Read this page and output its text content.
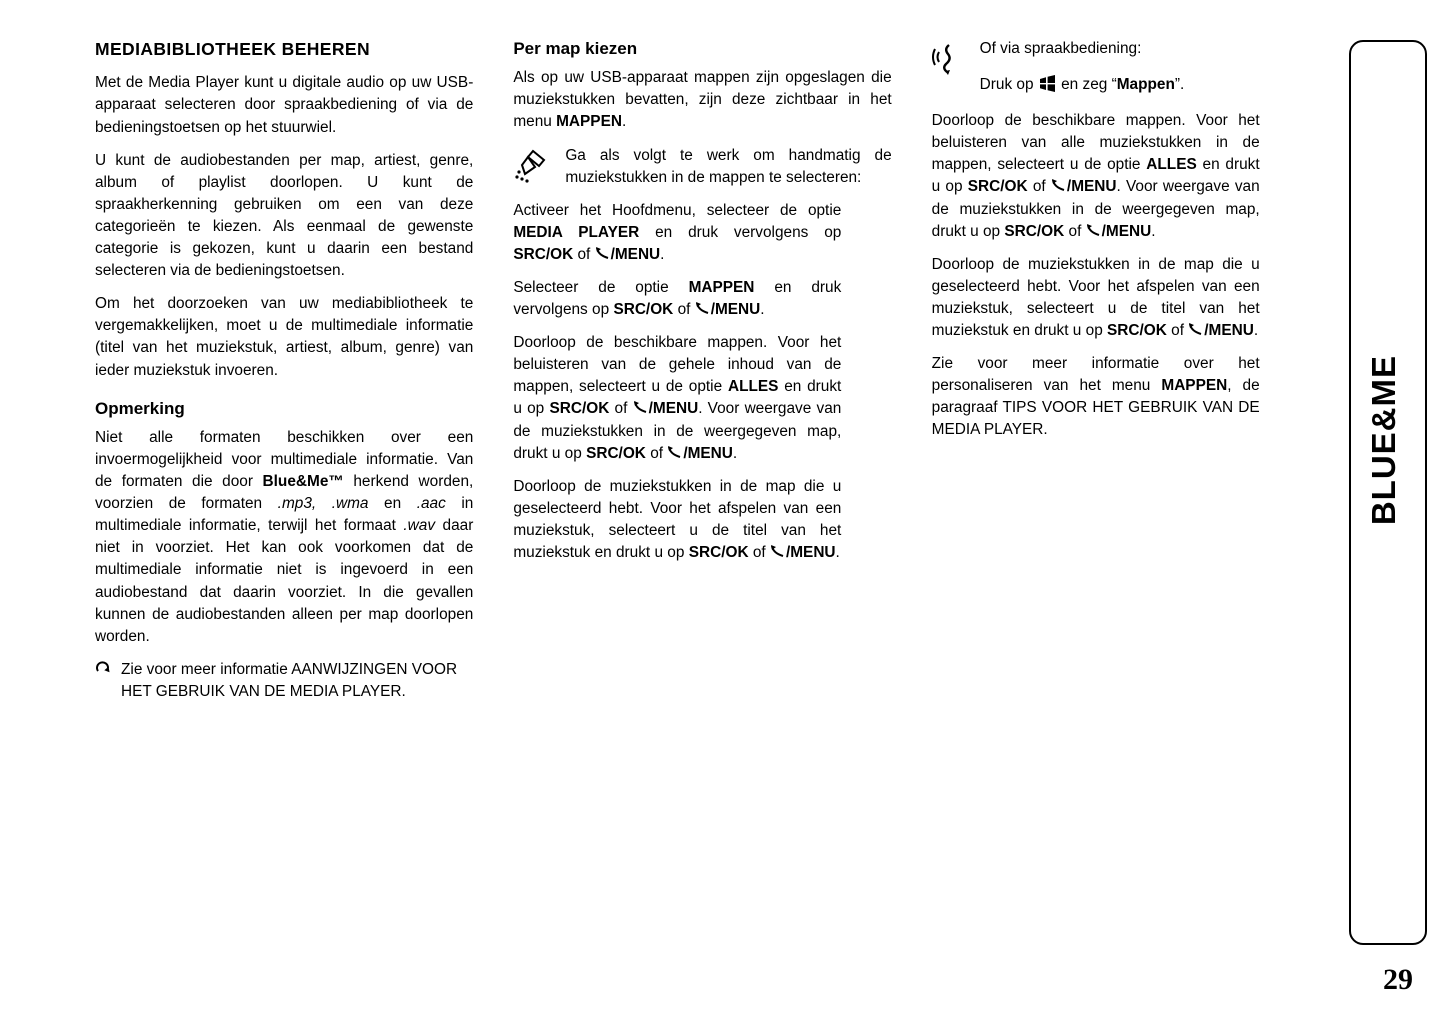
MEDIABIBLIOTHEEK BEHEREN

Met de Media Player kunt u digitale audio op uw USB-apparaat selecteren door spraakbediening of via de bedieningstoetsen op het stuurwiel.

U kunt de audiobestanden per map, artiest, genre, album of playlist doorlopen. U kunt de spraakherkenning gebruiken om een van deze categorieën te kiezen. Als eenmaal de gewenste categorie is gekozen, kunt u daarin een bestand selecteren via de bedieningstoetsen.

Om het doorzoeken van uw mediabibliotheek te vergemakkelijken, moet u de multimediale informatie (titel van het muziekstuk, artiest, album, genre) van ieder muziekstuk invoeren.

Opmerking

Niet alle formaten beschikken over een invoermogelijkheid voor multimediale informatie. Van de formaten die door Blue&Me™ herkend worden, voorzien de formaten .mp3, .wma en .aac in multimediale informatie, terwijl het formaat .wav daar niet in voorziet. Het kan ook voorkomen dat de multimediale informatie niet is ingevoerd in een audiobestand dat daarin voorziet. In die gevallen kunnen de audiobestanden alleen per map doorlopen worden.

Zie voor meer informatie AANWIJZINGEN VOOR HET GEBRUIK VAN DE MEDIA PLAYER.

Per map kiezen

Als op uw USB-apparaat mappen zijn opgeslagen die muziekstukken bevatten, zijn deze zichtbaar in het menu MAPPEN.

Ga als volgt te werk om handmatig de muziekstukken in de mappen te selecteren:

Activeer het Hoofdmenu, selecteer de optie MEDIA PLAYER en druk vervolgens op SRC/OK of /MENU.

Selecteer de optie MAPPEN en druk vervolgens op SRC/OK of /MENU.

Doorloop de beschikbare mappen. Voor het beluisteren van de gehele inhoud van de mappen, selecteert u de optie ALLES en drukt u op SRC/OK of /MENU. Voor weergave van de muziekstukken in de weergegeven map, drukt u op SRC/OK of /MENU.

Doorloop de muziekstukken in de map die u geselecteerd hebt. Voor het afspelen van een muziekstuk, selecteert u de titel van het muziekstuk en drukt u op SRC/OK of /MENU.

Of via spraakbediening:

Druk op  en zeg “Mappen”.

Doorloop de beschikbare mappen. Voor het beluisteren van alle muziekstukken in de mappen, selecteert u de optie ALLES en drukt u op SRC/OK of /MENU. Voor weergave van de muziekstukken in de weergegeven map, drukt u op SRC/OK of /MENU.

Doorloop de muziekstukken in de map die u geselecteerd hebt. Voor het afspelen van een muziekstuk, selecteert u de titel van het muziekstuk en drukt u op SRC/OK of /MENU.

Zie voor meer informatie over het personaliseren van het menu MAPPEN, de paragraaf TIPS VOOR HET GEBRUIK VAN DE MEDIA PLAYER.	BLUE&ME
29
